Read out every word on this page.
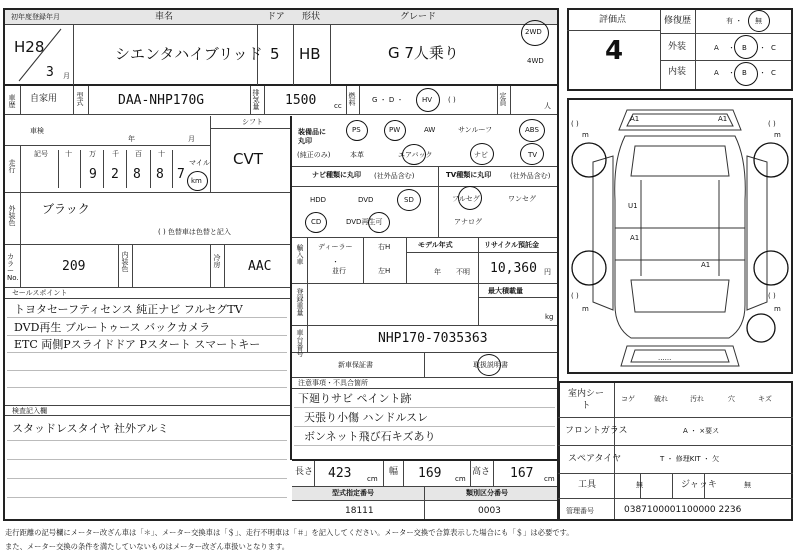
初年度登録年月	車名	ドア 形状	グレード
H28
3 月
シエンタハイブリッド 5 HB	G 7人乗り
2WD
4WD
車歴 自家用	型式	DAA-NHP170G	排気量 1500	cc 燃料 G ・ D ・	HV ( )	定員	人
車検
年	月
シフト
CVT
走行
記号 十 万 千 百 十
マイル
9 2 8 8 7 km
外装色 ブラック
( ) 色替車は色替と記入
カラーNo.
209	内装色	冷房 AAC
セールスポイント
トヨタセーフティセンス 純正ナビ フルセグTV
DVD再生 ブルートゥース バックカメラ
ETC 両側Pスライドドア Pスタート スマートキー
検査記入欄
スタッドレスタイヤ 社外アルミ
装備品に丸印
(純正のみ)
PS	PW	AW	サンルーフ	ABS
本革	エアバック	ナビ	TV
ナビ種類に丸印 (社外品含む)
HDD	DVD	SD
CD	DVD再生可
TV種類に丸印	(社外品含む)
フルセグ	ワンセグ
アナログ
輸入車 ディーラー
・
並行
右H
左H
モデル年式
年 不明
リサイクル預託金
10,360 円
登録重量	最大積載量
kg
車台番号	NHP170-7035363
新車保証書	取扱説明書
注意事項・不具合箇所
下廻りサビ ペイント跡
天張り小傷 ハンドルスレ
ボンネット飛び石キズあり
長さ 423 cm
幅 169 cm
高さ 167 cm
型式指定番号	類別区分番号
18111	0003
評価点
4
修復歴	有 ・ 無
外装	A ・ B ・ C
内装	A ・ B ・ C
A1	A1
U1
A1
A1
( )	( )
m	m
( )	( )
m	m
······
室内シート
コゲ	破れ	汚れ	穴	キズ
フロントガラス	A ・ ×要ス
スペアタイヤ	T ・ 修理KIT ・ 欠
工具	無	ジャッキ	無
管理番号	0387100001100000 2236
走行距離の記号欄にメーター改ざん車は「＊」、メーター交換車は「＄」、走行不明車は「＃」を記入してください。メーター交換で合算表示した場合にも「＄」は必要です。
また、メーター交換の条件を満たしていないものはメーター改ざん車扱いとなります。
